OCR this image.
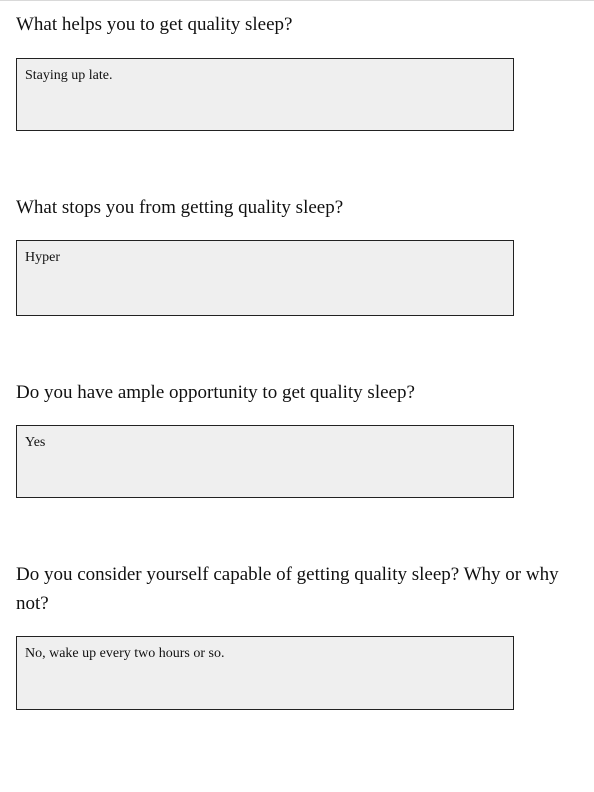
What helps you to get quality sleep?
Staying up late.
What stops you from getting quality sleep?
Hyper
Do you have ample opportunity to get quality sleep?
Yes
Do you consider yourself capable of getting quality sleep? Why or why not?
No, wake up every two hours or so.
